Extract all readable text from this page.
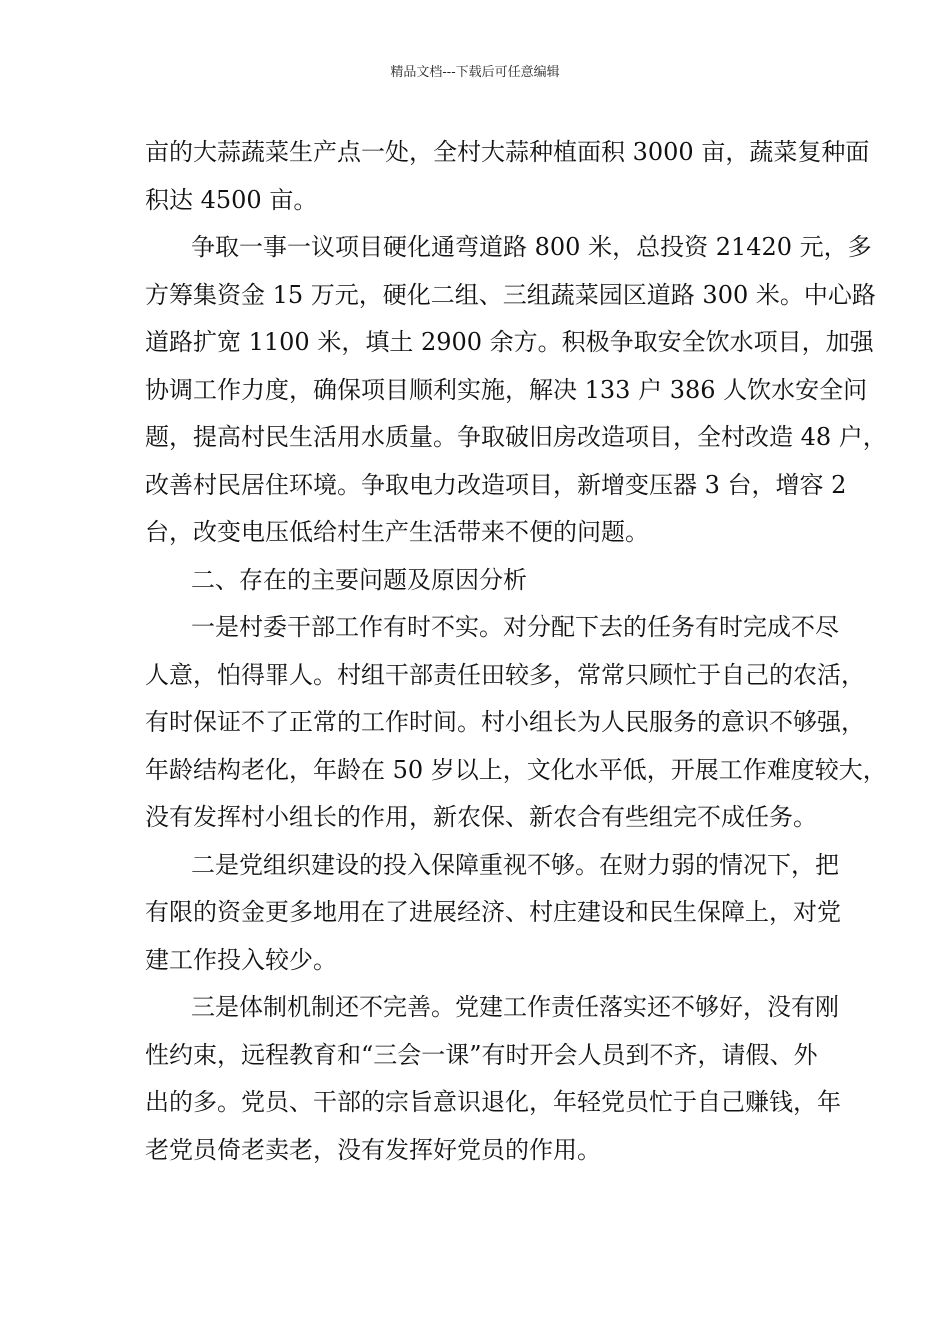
精品文档---下载后可任意编辑
亩的大蒜蔬菜生产点一处，全村大蒜种植面积 3000 亩，蔬菜复种面
积达 4500 亩。
争取一事一议项目硬化通弯道路 800 米，总投资 21420 元，多
方筹集资金 15 万元，硬化二组、三组蔬菜园区道路 300 米。中心路
道路扩宽 1100 米，填土 2900 余方。积极争取安全饮水项目，加强
协调工作力度，确保项目顺利实施，解决 133 户 386 人饮水安全问
题，提高村民生活用水质量。争取破旧房改造项目，全村改造 48 户，
改善村民居住环境。争取电力改造项目，新增变压器 3 台，增容 2
台，改变电压低给村生产生活带来不便的问题。
二、存在的主要问题及原因分析
一是村委干部工作有时不实。对分配下去的任务有时完成不尽
人意，怕得罪人。村组干部责任田较多，常常只顾忙于自己的农活，
有时保证不了正常的工作时间。村小组长为人民服务的意识不够强，
年龄结构老化，年龄在 50 岁以上，文化水平低，开展工作难度较大，
没有发挥村小组长的作用，新农保、新农合有些组完不成任务。
二是党组织建设的投入保障重视不够。在财力弱的情况下，把
有限的资金更多地用在了进展经济、村庄建设和民生保障上，对党
建工作投入较少。
三是体制机制还不完善。党建工作责任落实还不够好，没有刚
性约束，远程教育和“三会一课”有时开会人员到不齐，请假、外
出的多。党员、干部的宗旨意识退化，年轻党员忙于自己赚钱，年
老党员倚老卖老，没有发挥好党员的作用。
